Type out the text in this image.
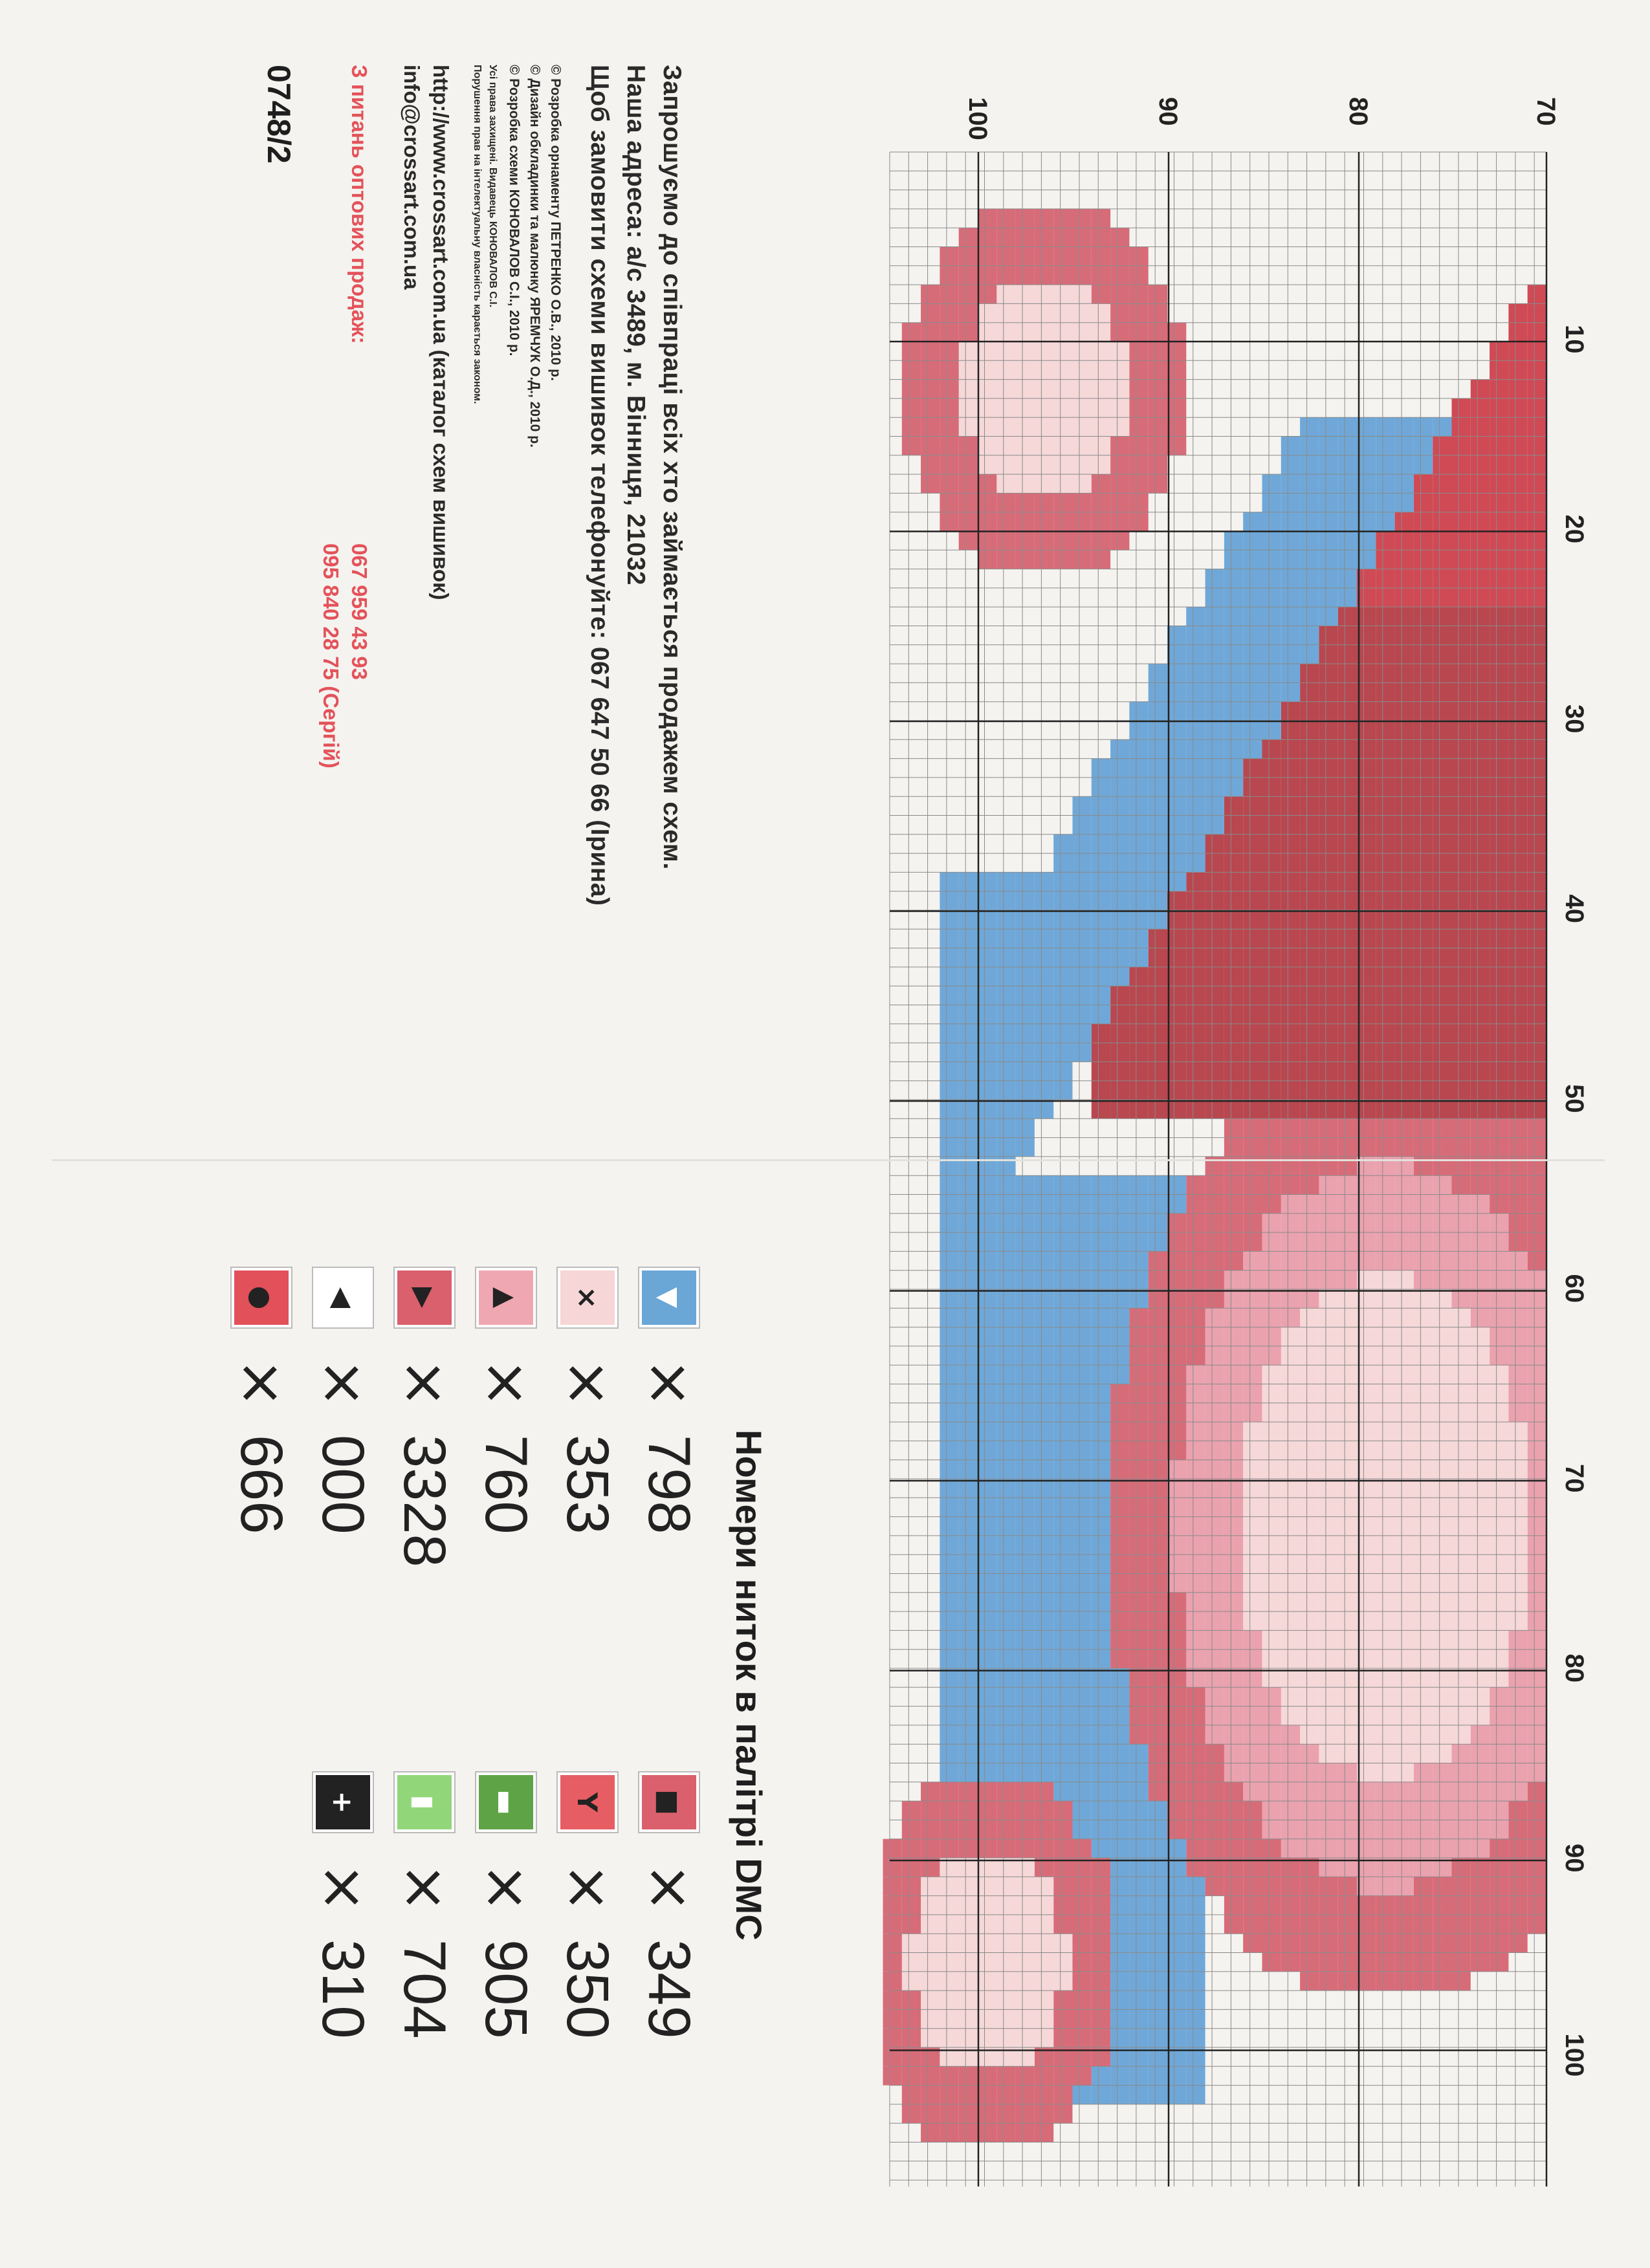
70
80
90
100
10
20
30
40
50
60
70
80
90
100
Запрошуємо до співпраці всіх хто займається продажем схем.
Наша адреса: а/с 3489, м. Вінниця, 21032
Щоб замовити схеми вишивок телефонуйте: 067 647 50 66 (Ірина)
© Розробка орнаменту ПЕТРЕНКО О.В., 2010 р.
© Дизайн обкладинки та малюнку ЯРЕМЧУК О.Д., 2010 р.
© Розробка схеми КОНОВАЛОВ С.І., 2010 р.
Усі права захищені. Видавець КОНОВАЛОВ С.І.
Порушення прав на інтелектуальну власність карається законом.
http://www.crossart.com.ua (каталог схем вишивок)
info@crossart.com.ua
З питань оптових продаж:
067 959 43 93
095 840 28 75 (Сергій)
0748/2
Номери ниток в палітрі DMC
▼
×
798
×
×
353
▲
×
760
▶
×
3328
◀
×
000
●
×
666
■
×
349
Y
×
350
▬
×
905
▮
×
704
+
×
310
